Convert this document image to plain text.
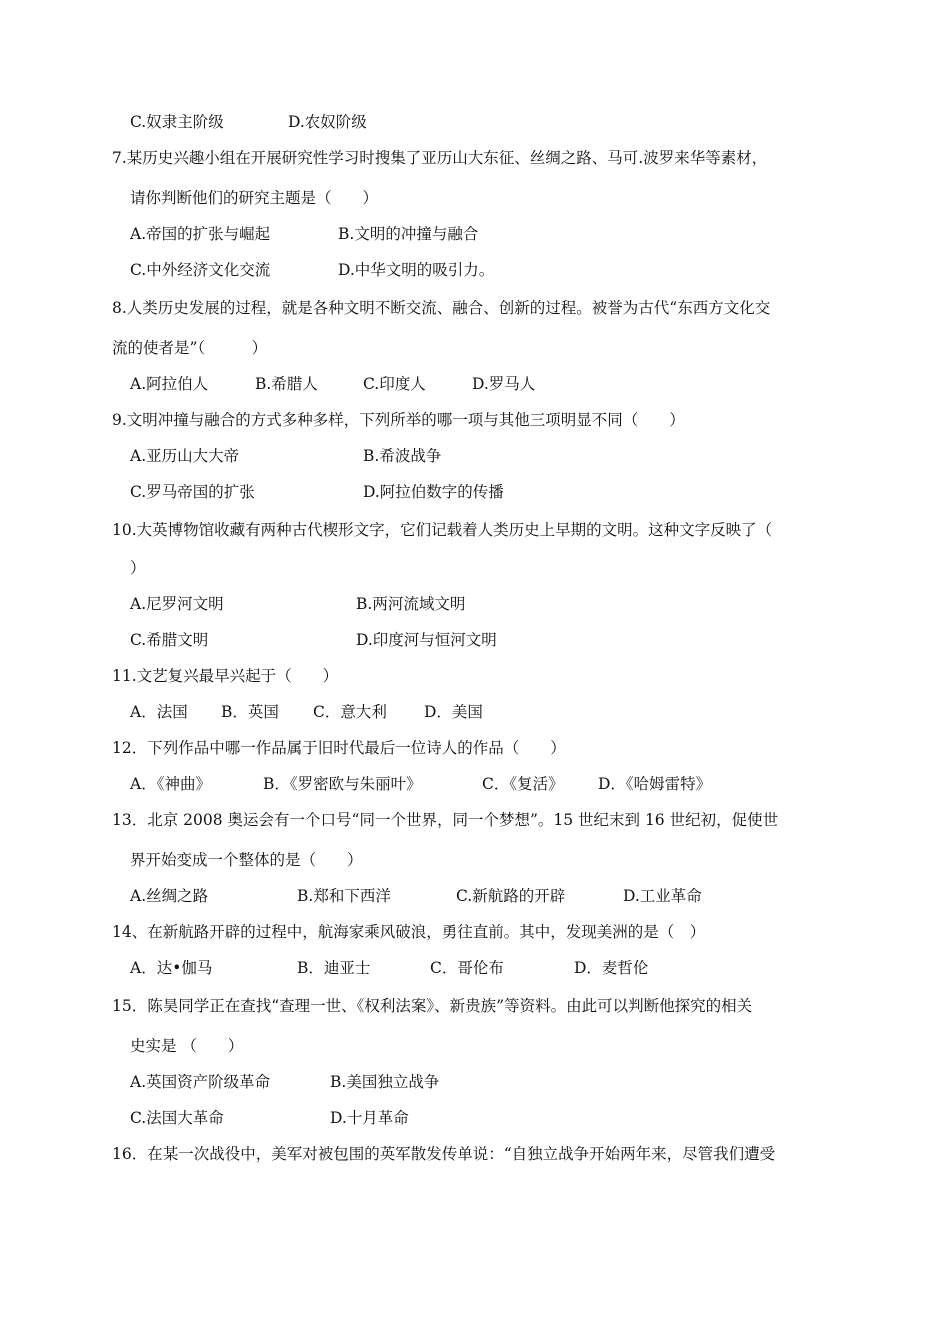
C.奴隶主阶级	D.农奴阶级
7.某历史兴趣小组在开展研究性学习时搜集了亚历山大东征、丝绸之路、马可.波罗来华等素材，
请你判断他们的研究主题是（　　）
A.帝国的扩张与崛起	B.文明的冲撞与融合
C.中外经济文化交流	D.中华文明的吸引力。
8.人类历史发展的过程，就是各种文明不断交流、融合、创新的过程。被誉为古代“东西方文化交
流的使者是”（　　　）
A.阿拉伯人	B.希腊人	C.印度人	D.罗马人
9.文明冲撞与融合的方式多种多样，下列所举的哪一项与其他三项明显不同（　　）
A.亚历山大大帝	B.希波战争
C.罗马帝国的扩张	D.阿拉伯数字的传播
10.大英博物馆收藏有两种古代楔形文字，它们记载着人类历史上早期的文明。这种文字反映了（
）
A.尼罗河文明	B.两河流域文明
C.希腊文明	D.印度河与恒河文明
11.文艺复兴最早兴起于（　　）
A．法国 B．英国 C．意大利 D．美国
12．下列作品中哪一作品属于旧时代最后一位诗人的作品（　　）
A．《神曲》	B．《罗密欧与朱丽叶》	C．《复活》 D．《哈姆雷特》
13．北京 2008 奥运会有一个口号“同一个世界，同一个梦想”。15 世纪末到 16 世纪初，促使世
界开始变成一个整体的是（　　）
A.丝绸之路	B.郑和下西洋	C.新航路的开辟	D.工业革命
14、在新航路开辟的过程中，航海家乘风破浪，勇往直前。其中，发现美洲的是（　）
A．达•伽马	B．迪亚士	C．哥伦布	D．麦哲伦
15．陈昊同学正在查找“查理一世、《权利法案》、新贵族”等资料。由此可以判断他探究的相关
史实是 （　　）
A.英国资产阶级革命	B.美国独立战争
C.法国大革命	D.十月革命
16．在某一次战役中，美军对被包围的英军散发传单说：“自独立战争开始两年来，尽管我们遭受
